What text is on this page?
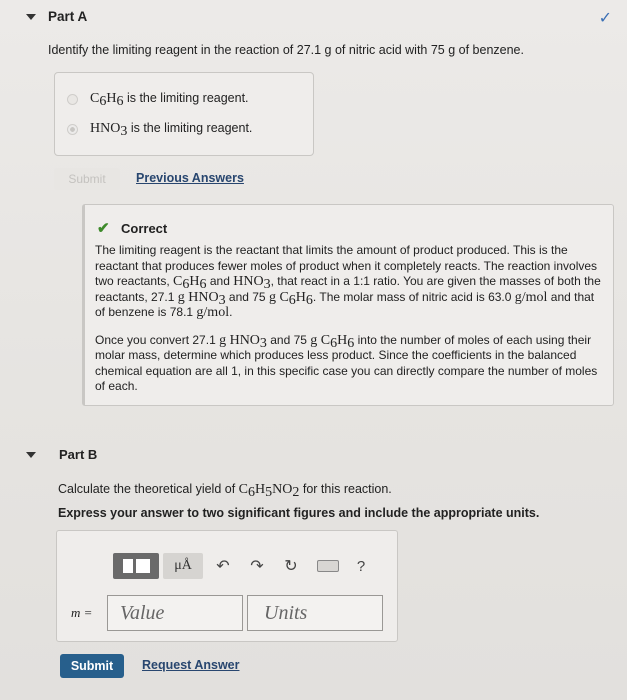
Part A	✓
Identify the limiting reagent in the reaction of 27.1 g of nitric acid with 75 g of benzene.
$C_6H_6$ is the limiting reagent.
$HNO_3$ is the limiting reagent.
Submit	Previous Answers
✔ Correct

The limiting reagent is the reactant that limits the amount of product produced. This is the reactant that produces fewer moles of product when it completely reacts. The reaction involves two reactants, $C_6H_6$ and $HNO_3$, that react in a 1:1 ratio. You are given the masses of both the reactants, 27.1 g $HNO_3$ and 75 g $C_6H_6$. The molar mass of nitric acid is 63.0 g/mol and that of benzene is 78.1 g/mol.

Once you convert 27.1 g $HNO_3$ and 75 g $C_6H_6$ into the number of moles of each using their molar mass, determine which produces less product. Since the coefficients in the balanced chemical equation are all 1, in this specific case you can directly compare the number of moles of each.

Part B
Calculate the theoretical yield of $C_6H_5NO_2$ for this reaction.
Express your answer to two significant figures and include the appropriate units.
μÅ	↶	↷	↻	?
m =
Value
Units
Submit	Request Answer
